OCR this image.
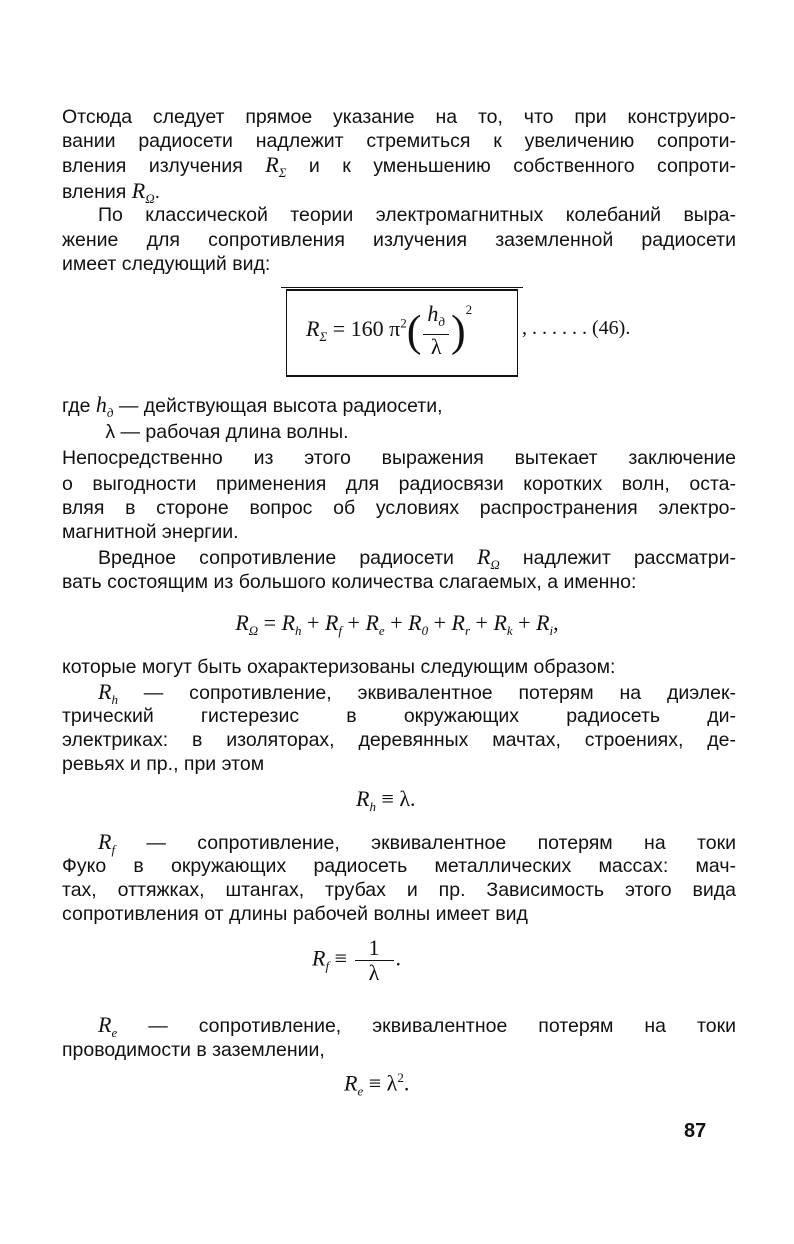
Отсюда следует прямое указание на то, что при конструиро-
вании радиосети надлежит стремиться к увеличению сопроти-
вления излучения $R_\Sigma$ и к уменьшению собственного сопроти-
вления $R_\Omega$.
По классической теории электромагнитных колебаний выра-
жение для сопротивления излучения заземленной радиосети
имеет следующий вид:
где $h_д$ — действующая высота радиосети,
λ — рабочая длина волны.
Непосредственно из этого выражения вытекает заключение
о выгодности применения для радиосвязи коротких волн, оста-
вляя в стороне вопрос об условиях распространения электро-
магнитной энергии.
Вредное сопротивление радиосети $R_\Omega$ надлежит рассматри-
вать состоящим из большого количества слагаемых, а именно:
которые могут быть охарактеризованы следующим образом:
$R_h$ — сопротивление, эквивалентное потерям на диэлек-
трический гистерезис в окружающих радиосеть ди-
электриках: в изоляторах, деревянных мачтах, строениях, де-
ревьях и пр., при этом
$R_f$ — сопротивление, эквивалентное потерям на токи
Фуко в окружающих радиосеть металлических массах: мач-
тах, оттяжках, штангах, трубах и пр. Зависимость этого вида
сопротивления от длины рабочей волны имеет вид
$R_e$ — сопротивление, эквивалентное потерям на токи
проводимости в заземлении,
$R_\Sigma = 160$ $\pi^2( \frac{h_д}{\lambda} )^2$
, . . . . . . (46).
$R_\Omega = R_h + R_f + R_e + R_0 + R_r + R_k + R_i$,
$R_h \equiv \lambda$.
$R_f \equiv \frac{1}{\lambda}$ .
$R_e \equiv \lambda^2$.
87
